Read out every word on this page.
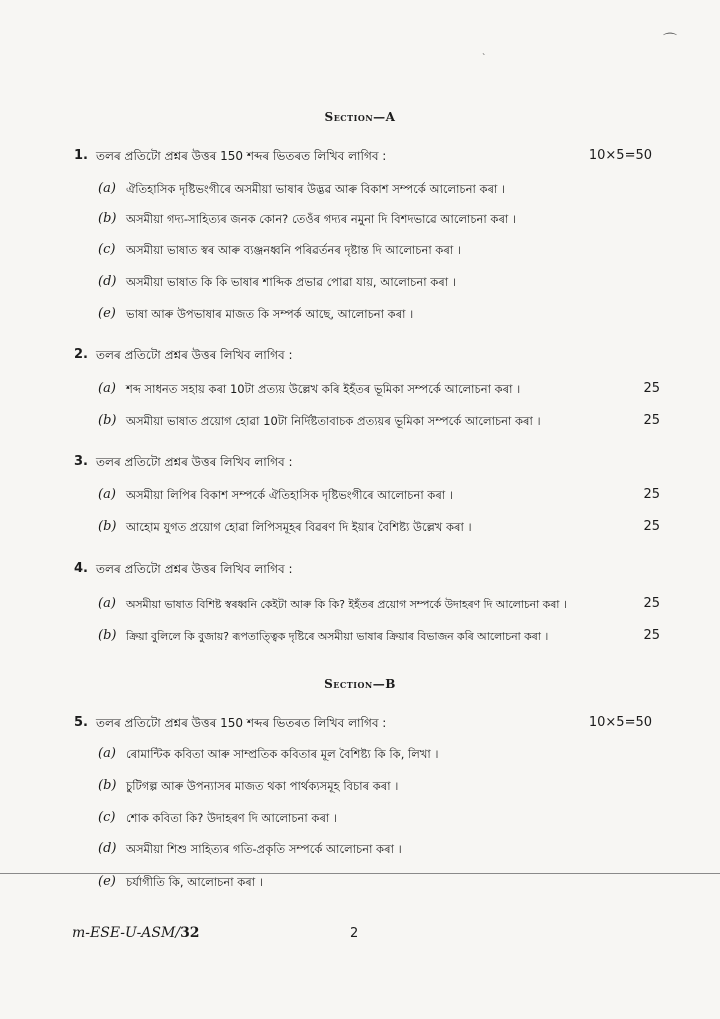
⌒
˴
Section—A
1. তলৰ প্ৰতিটো প্ৰশ্নৰ উত্তৰ 150 শব্দৰ ভিতৰত লিখিব লাগিব :	10×5=50
(a) ঐতিহাসিক দৃষ্টিভংগীৰে অসমীয়া ভাষাৰ উদ্ভৱ আৰু বিকাশ সম্পৰ্কে আলোচনা কৰা ।
(b) অসমীয়া গদ্য-সাহিত্যৰ জনক কোন? তেওঁৰ গদ্যৰ নমুনা দি বিশদভাৱে আলোচনা কৰা ।
(c) অসমীয়া ভাষাত স্বৰ আৰু ব্যঞ্জনধ্বনি পৰিৱৰ্তনৰ দৃষ্টান্ত দি আলোচনা কৰা ।
(d) অসমীয়া ভাষাত কি কি ভাষাৰ শাব্দিক প্ৰভাৱ পোৱা যায়, আলোচনা কৰা ।
(e) ভাষা আৰু উপভাষাৰ মাজত কি সম্পৰ্ক আছে, আলোচনা কৰা ।
2. তলৰ প্ৰতিটো প্ৰশ্নৰ উত্তৰ লিখিব লাগিব :
(a) শব্দ সাধনত সহায় কৰা 10টা প্ৰত্যয় উল্লেখ কৰি ইহঁতৰ ভূমিকা সম্পৰ্কে আলোচনা কৰা ।	25
(b) অসমীয়া ভাষাত প্ৰয়োগ হোৱা 10টা নিৰ্দিষ্টতাবাচক প্ৰত্যয়ৰ ভূমিকা সম্পৰ্কে আলোচনা কৰা ।	25
3. তলৰ প্ৰতিটো প্ৰশ্নৰ উত্তৰ লিখিব লাগিব :
(a) অসমীয়া লিপিৰ বিকাশ সম্পৰ্কে ঐতিহাসিক দৃষ্টিভংগীৰে আলোচনা কৰা ।	25
(b) আহোম যুগত প্ৰয়োগ হোৱা লিপিসমূহৰ বিৱৰণ দি ইয়াৰ বৈশিষ্ট্য উল্লেখ কৰা ।	25
4. তলৰ প্ৰতিটো প্ৰশ্নৰ উত্তৰ লিখিব লাগিব :
(a) অসমীয়া ভাষাত বিশিষ্ট স্বৰধ্বনি কেইটা আৰু কি কি? ইহঁতৰ প্ৰয়োগ সম্পৰ্কে উদাহৰণ দি আলোচনা কৰা ।	25
(b) ক্ৰিয়া বুলিলে কি বুজায়? ৰূপতাত্ত্বিক দৃষ্টিৰে অসমীয়া ভাষাৰ ক্ৰিয়াৰ বিভাজন কৰি আলোচনা কৰা ।	25
Section—B
5. তলৰ প্ৰতিটো প্ৰশ্নৰ উত্তৰ 150 শব্দৰ ভিতৰত লিখিব লাগিব :	10×5=50
(a) ৰোমান্টিক কবিতা আৰু সাম্প্ৰতিক কবিতাৰ মূল বৈশিষ্ট্য কি কি, লিখা ।
(b) চুটিগল্প আৰু উপন্যাসৰ মাজত থকা পাৰ্থক্যসমূহ বিচাৰ কৰা ।
(c) শোক কবিতা কি? উদাহৰণ দি আলোচনা কৰা ।
(d) অসমীয়া শিশু সাহিত্যৰ গতি-প্ৰকৃতি সম্পৰ্কে আলোচনা কৰা ।
(e) চৰ্যাগীতি কি, আলোচনা কৰা ।
m-ESE-U-ASM/32	2
